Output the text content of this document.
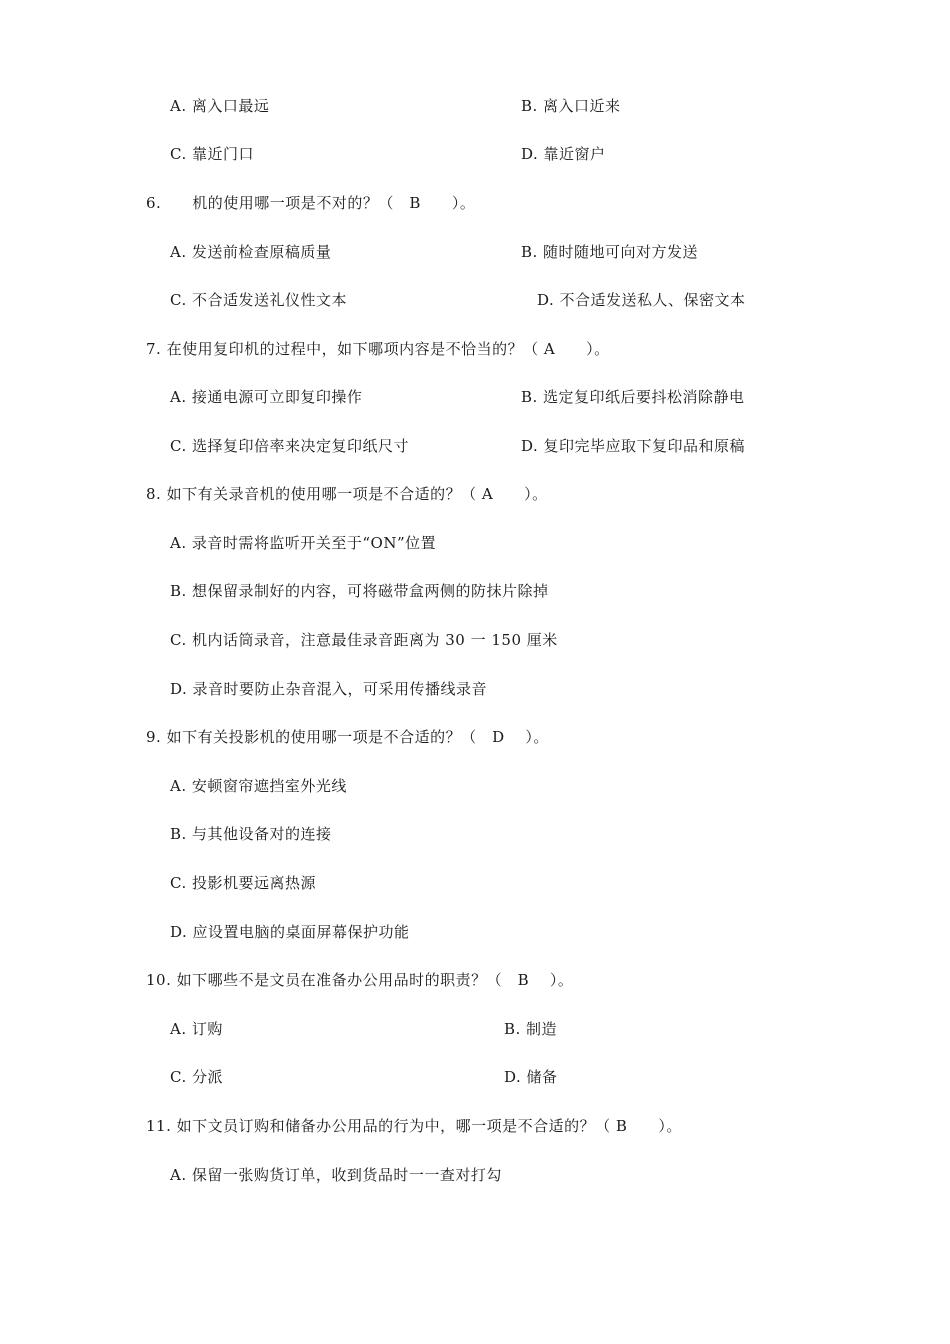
A. 离入口最远	B. 离入口近来
C. 靠近门口	D. 靠近窗户
6.　　机的使用哪一项是不对的？（　B　　）。
A. 发送前检查原稿质量	B. 随时随地可向对方发送
C. 不合适发送礼仪性文本	D. 不合适发送私人、保密文本
7. 在使用复印机的过程中，如下哪项内容是不恰当的？（ A　　）。
A. 接通电源可立即复印操作	B. 选定复印纸后要抖松消除静电
C. 选择复印倍率来决定复印纸尺寸	D. 复印完毕应取下复印品和原稿
8. 如下有关录音机的使用哪一项是不合适的？（ A　　）。
A. 录音时需将监听开关至于“ON”位置
B. 想保留录制好的内容，可将磁带盒两侧的防抹片除掉
C. 机内话筒录音，注意最佳录音距离为 30 一 150 厘米
D. 录音时要防止杂音混入，可采用传播线录音
9. 如下有关投影机的使用哪一项是不合适的？（　D　 ）。
A. 安顿窗帘遮挡室外光线
B. 与其他设备对的连接
C. 投影机要远离热源
D. 应设置电脑的桌面屏幕保护功能
10. 如下哪些不是文员在准备办公用品时的职责？（　B　 ）。
A. 订购	B. 制造
C. 分派	D. 储备
11. 如下文员订购和储备办公用品的行为中，哪一项是不合适的？（ B　　）。
A. 保留一张购货订单，收到货品时一一查对打勾
